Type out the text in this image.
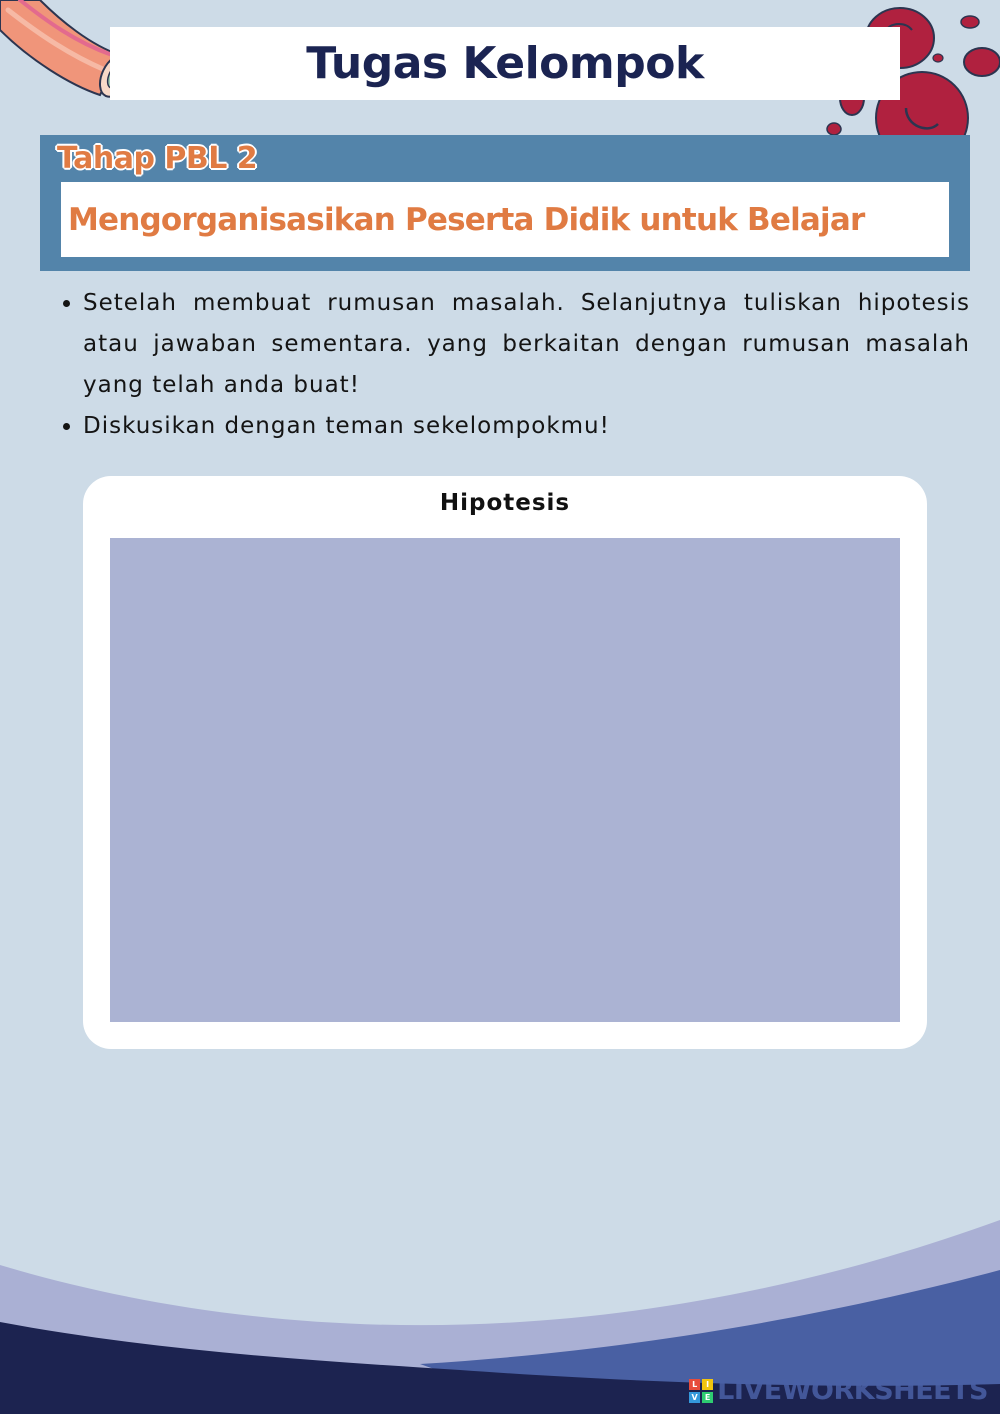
Tugas Kelompok
Tahap PBL 2
Mengorganisasikan Peserta Didik untuk Belajar
• Setelah membuat rumusan masalah. Selanjutnya tuliskan hipotesis atau jawaban sementara. yang berkaitan dengan rumusan masalah yang telah anda buat!
• Diskusikan dengan teman sekelompokmu!
Hipotesis
L	I
V E LIVEWORKSHEETS
